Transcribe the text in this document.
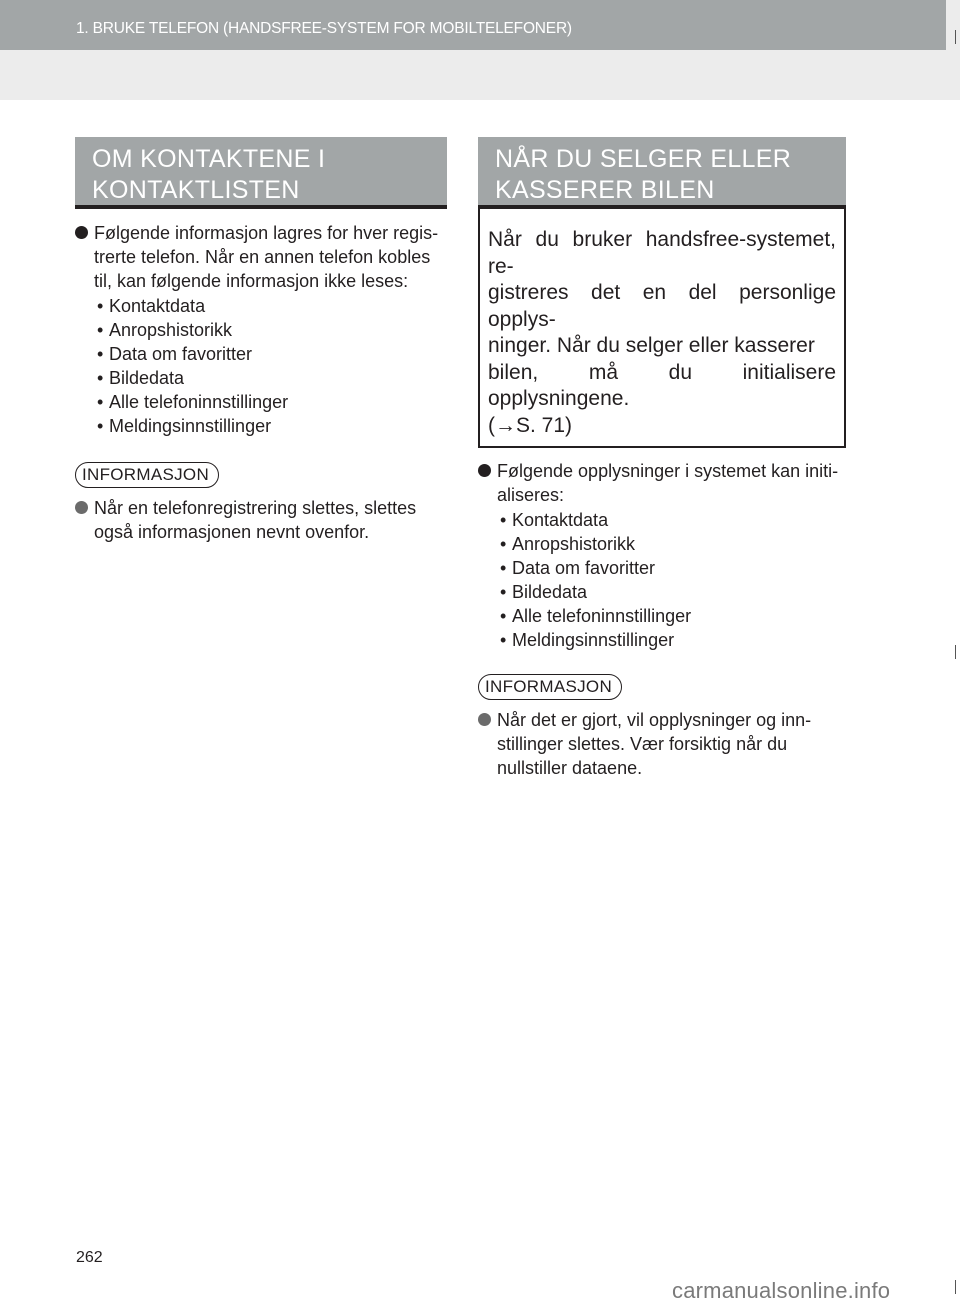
1. BRUKE TELEFON (HANDSFREE-SYSTEM FOR MOBILTELEFONER)
OM KONTAKTENE I
KONTAKTLISTEN
Følgende informasjon lagres for hver regis-
trerte telefon. Når en annen telefon kobles
til, kan følgende informasjon ikke leses:
• Kontaktdata
• Anropshistorikk
• Data om favoritter
• Bildedata
• Alle telefoninnstillinger
• Meldingsinnstillinger
INFORMASJON
Når en telefonregistrering slettes, slettes
også informasjonen nevnt ovenfor.
NÅR DU SELGER ELLER
KASSERER BILEN
Når du bruker handsfree-systemet, re-
gistreres det en del personlige opplys-
ninger. Når du selger eller kasserer
bilen, må du initialisere opplysningene.
(→S. 71)
Følgende opplysninger i systemet kan initi-
aliseres:
• Kontaktdata
• Anropshistorikk
• Data om favoritter
• Bildedata
• Alle telefoninnstillinger
• Meldingsinnstillinger
INFORMASJON
Når det er gjort, vil opplysninger og inn-
stillinger slettes. Vær forsiktig når du
nullstiller dataene.
262
carmanualsonline.info
